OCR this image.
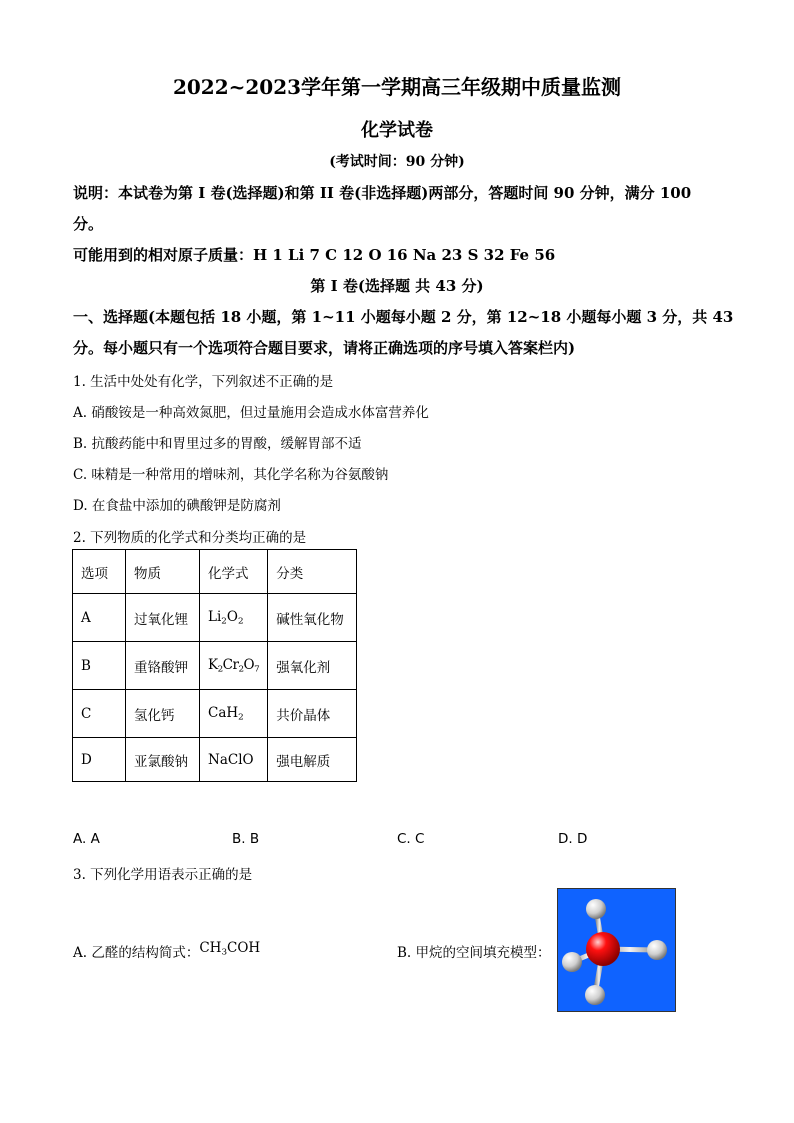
2022~2023学年第一学期高三年级期中质量监测
化学试卷
(考试时间：90 分钟)
说明：本试卷为第 I 卷(选择题)和第 II 卷(非选择题)两部分，答题时间 90 分钟，满分 100
分。
可能用到的相对原子质量：H 1 Li 7 C 12 O 16 Na 23 S 32 Fe 56
第 I 卷(选择题 共 43 分)
一、选择题(本题包括 18 小题，第 1~11 小题每小题 2 分，第 12~18 小题每小题 3 分，共 43
分。每小题只有一个选项符合题目要求，请将正确选项的序号填入答案栏内)
1. 生活中处处有化学，下列叙述不正确的是
A. 硝酸铵是一种高效氮肥，但过量施用会造成水体富营养化
B. 抗酸药能中和胃里过多的胃酸，缓解胃部不适
C. 味精是一种常用的增味剂，其化学名称为谷氨酸钠
D. 在食盐中添加的碘酸钾是防腐剂
2. 下列物质的化学式和分类均正确的是
选项	物质	化学式	分类
A	过氧化锂	$Li_2O_2$	碱性氧化物
B	重铬酸钾	$K_2Cr_2O_7$	强氧化剂
C	氢化钙	CaH$_2$	共价晶体
D	亚氯酸钠	NaClO	强电解质
A. A	B. B	C. C	D. D
3. 下列化学用语表示正确的是
A. 乙醛的结构简式：$CH_3COH$	B. 甲烷的空间填充模型：
